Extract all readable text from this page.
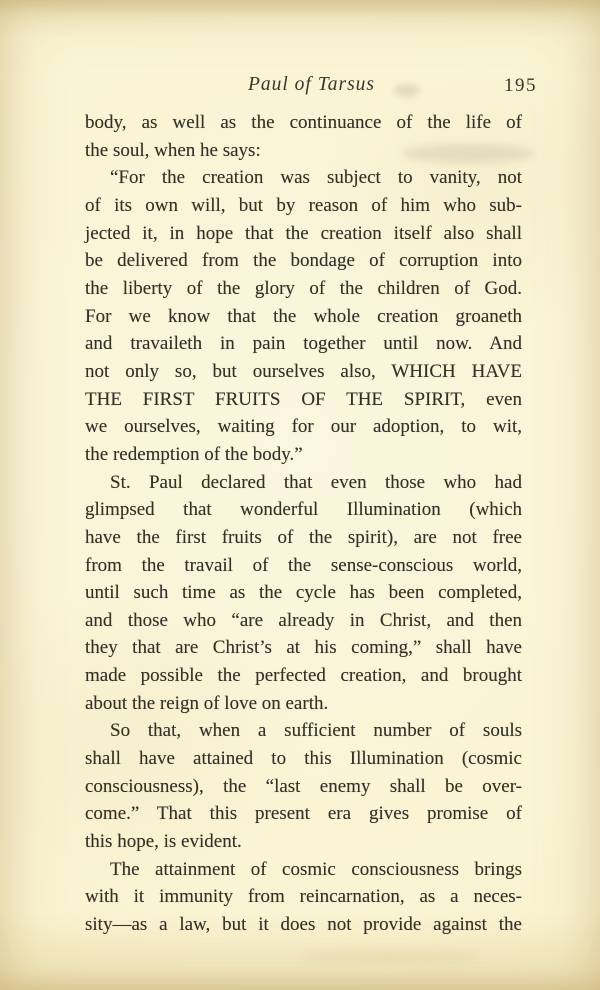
Paul of Tarsus	195

body, as well as the continuance of the life of
the soul, when he says:

“For the creation was subject to vanity, not
of its own will, but by reason of him who sub-
jected it, in hope that the creation itself also shall
be delivered from the bondage of corruption into
the liberty of the glory of the children of God.
For we know that the whole creation groaneth
and travaileth in pain together until now. And
not only so, but ourselves also, WHICH HAVE
THE FIRST FRUITS OF THE SPIRIT, even
we ourselves, waiting for our adoption, to wit,
the redemption of the body.”

St. Paul declared that even those who had
glimpsed that wonderful Illumination (which
have the first fruits of the spirit), are not free
from the travail of the sense-conscious world,
until such time as the cycle has been completed,
and those who “are already in Christ, and then
they that are Christ’s at his coming,” shall have
made possible the perfected creation, and brought
about the reign of love on earth.

So that, when a sufficient number of souls
shall have attained to this Illumination (cosmic
consciousness), the “last enemy shall be over-
come.” That this present era gives promise of
this hope, is evident.

The attainment of cosmic consciousness brings
with it immunity from reincarnation, as a neces-
sity—as a law, but it does not provide against the
